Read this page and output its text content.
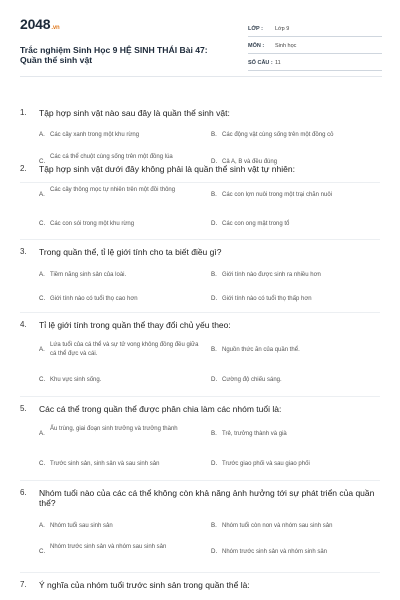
2048.vn
Trắc nghiệm Sinh Học 9 HỆ SINH THÁI Bài 47: Quần thể sinh vật
LỚP : Lớp 9
MÔN : Sinh học
SỐ CÂU : 11
1. Tập hợp sinh vật nào sau đây là quần thể sinh vật:
A. Các cây xanh trong một khu rừng	B. Các động vật cùng sống trên một đồng cỏ
C.
Các cá thể chuột cùng sống trên một đồng lúa
D. Cả A, B và đều đúng
2. Tập hợp sinh vật dưới đây không phải là quần thể sinh vật tự nhiên:
A.
Các cây thông mọc tự nhiên trên một đồi thông
B. Các con lợn nuôi trong một trại chăn nuôi
C. Các con sói trong một khu rừng	D. Các con ong mật trong tổ
3. Trong quần thể, tỉ lệ giới tính cho ta biết điều gì?
A. Tiềm năng sinh sản của loài.	B. Giới tính nào được sinh ra nhiều hơn
C. Giới tính nào có tuổi thọ cao hơn	D. Giới tính nào có tuổi thọ thấp hơn
4. Tỉ lệ giới tính trong quần thể thay đổi chủ yếu theo:
A.
Lứa tuổi của cá thể và sự tử vong không đồng đều giữa cá thể đực và cái.
B. Nguồn thức ăn của quần thể.
C. Khu vực sinh sống.	D. Cường độ chiếu sáng.
5. Các cá thể trong quần thể được phân chia làm các nhóm tuổi là:
A.
Ấu trùng, giai đoạn sinh trưởng và trưởng thành
B. Trẻ, trưởng thành và già
C. Trước sinh sản, sinh sản và sau sinh sản	D. Trước giao phối và sau giao phối
6. Nhóm tuổi nào của các cá thể không còn khả năng ảnh hưởng tới sự phát triển của quần thể?
A. Nhóm tuổi sau sinh sản	B. Nhóm tuổi còn non và nhóm sau sinh sản
C.
Nhóm trước sinh sản và nhóm sau sinh sản
D. Nhóm trước sinh sản và nhóm sinh sản
7. Ý nghĩa của nhóm tuổi trước sinh sản trong quần thể là:
